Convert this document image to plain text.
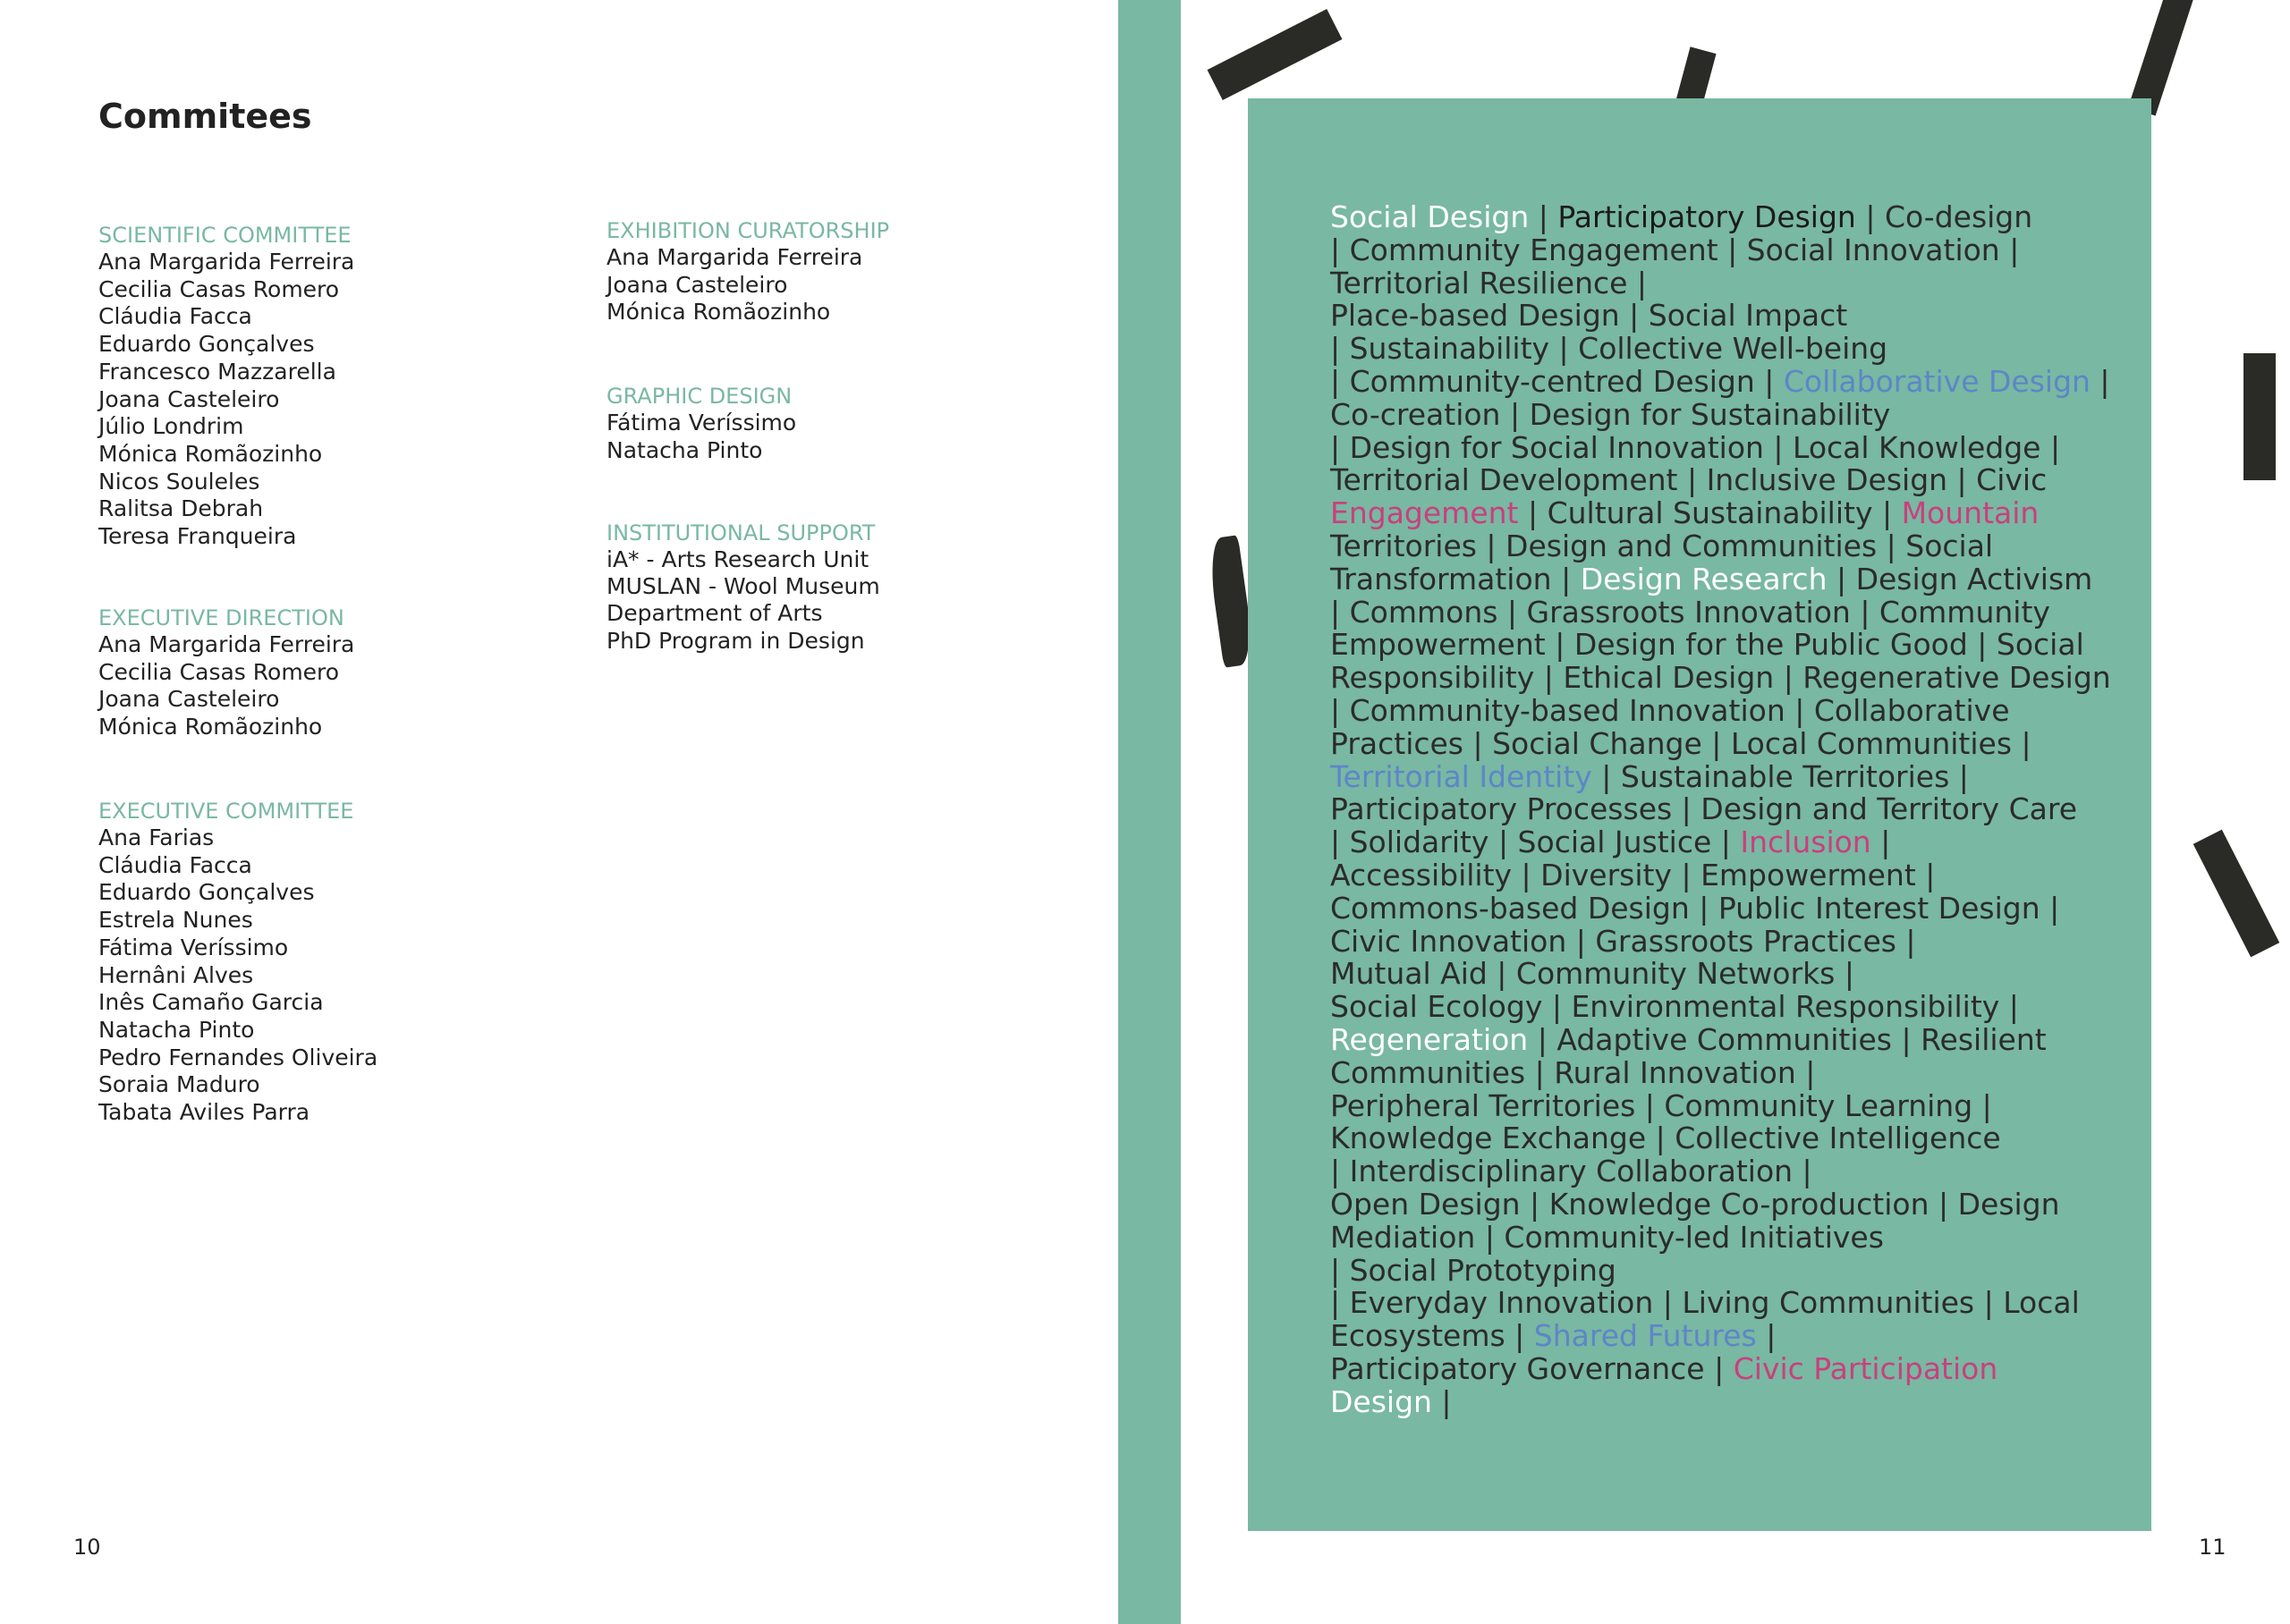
Commitees
SCIENTIFIC COMMITTEE
Ana Margarida Ferreira
Cecilia Casas Romero
Cláudia Facca
Eduardo Gonçalves
Francesco Mazzarella
Joana Casteleiro
Júlio Londrim
Mónica Romãozinho
Nicos Souleles
Ralitsa Debrah
Teresa Franqueira
EXECUTIVE DIRECTION
Ana Margarida Ferreira
Cecilia Casas Romero
Joana Casteleiro
Mónica Romãozinho
EXECUTIVE COMMITTEE
Ana Farias
Cláudia Facca
Eduardo Gonçalves
Estrela Nunes
Fátima Veríssimo
Hernâni Alves
Inês Camaño Garcia
Natacha Pinto
Pedro Fernandes Oliveira
Soraia Maduro
Tabata Aviles Parra
EXHIBITION CURATORSHIP
Ana Margarida Ferreira
Joana Casteleiro
Mónica Romãozinho
GRAPHIC DESIGN
Fátima Veríssimo
Natacha Pinto
INSTITUTIONAL SUPPORT
iA* - Arts Research Unit
MUSLAN - Wool Museum
Department of Arts
PhD Program in Design
10
Social Design | Participatory Design | Co-design
| Community Engagement | Social Innovation |
Territorial Resilience |
Place-based Design | Social Impact
| Sustainability | Collective Well-being
| Community-centred Design | Collaborative Design |
Co-creation | Design for Sustainability
| Design for Social Innovation | Local Knowledge |
Territorial Development | Inclusive Design | Civic
Engagement | Cultural Sustainability | Mountain
Territories | Design and Communities | Social
Transformation | Design Research | Design Activism
| Commons | Grassroots Innovation | Community
Empowerment | Design for the Public Good | Social
Responsibility | Ethical Design | Regenerative Design
| Community-based Innovation | Collaborative
Practices | Social Change | Local Communities |
Territorial Identity | Sustainable Territories |
Participatory Processes | Design and Territory Care
| Solidarity | Social Justice | Inclusion |
Accessibility | Diversity | Empowerment |
Commons-based Design | Public Interest Design |
Civic Innovation | Grassroots Practices |
Mutual Aid | Community Networks |
Social Ecology | Environmental Responsibility |
Regeneration | Adaptive Communities | Resilient
Communities | Rural Innovation |
Peripheral Territories | Community Learning |
Knowledge Exchange | Collective Intelligence
| Interdisciplinary Collaboration |
Open Design | Knowledge Co-production | Design
Mediation | Community-led Initiatives
| Social Prototyping
| Everyday Innovation | Living Communities | Local
Ecosystems | Shared Futures |
Participatory Governance | Civic Participation
Design |
11
